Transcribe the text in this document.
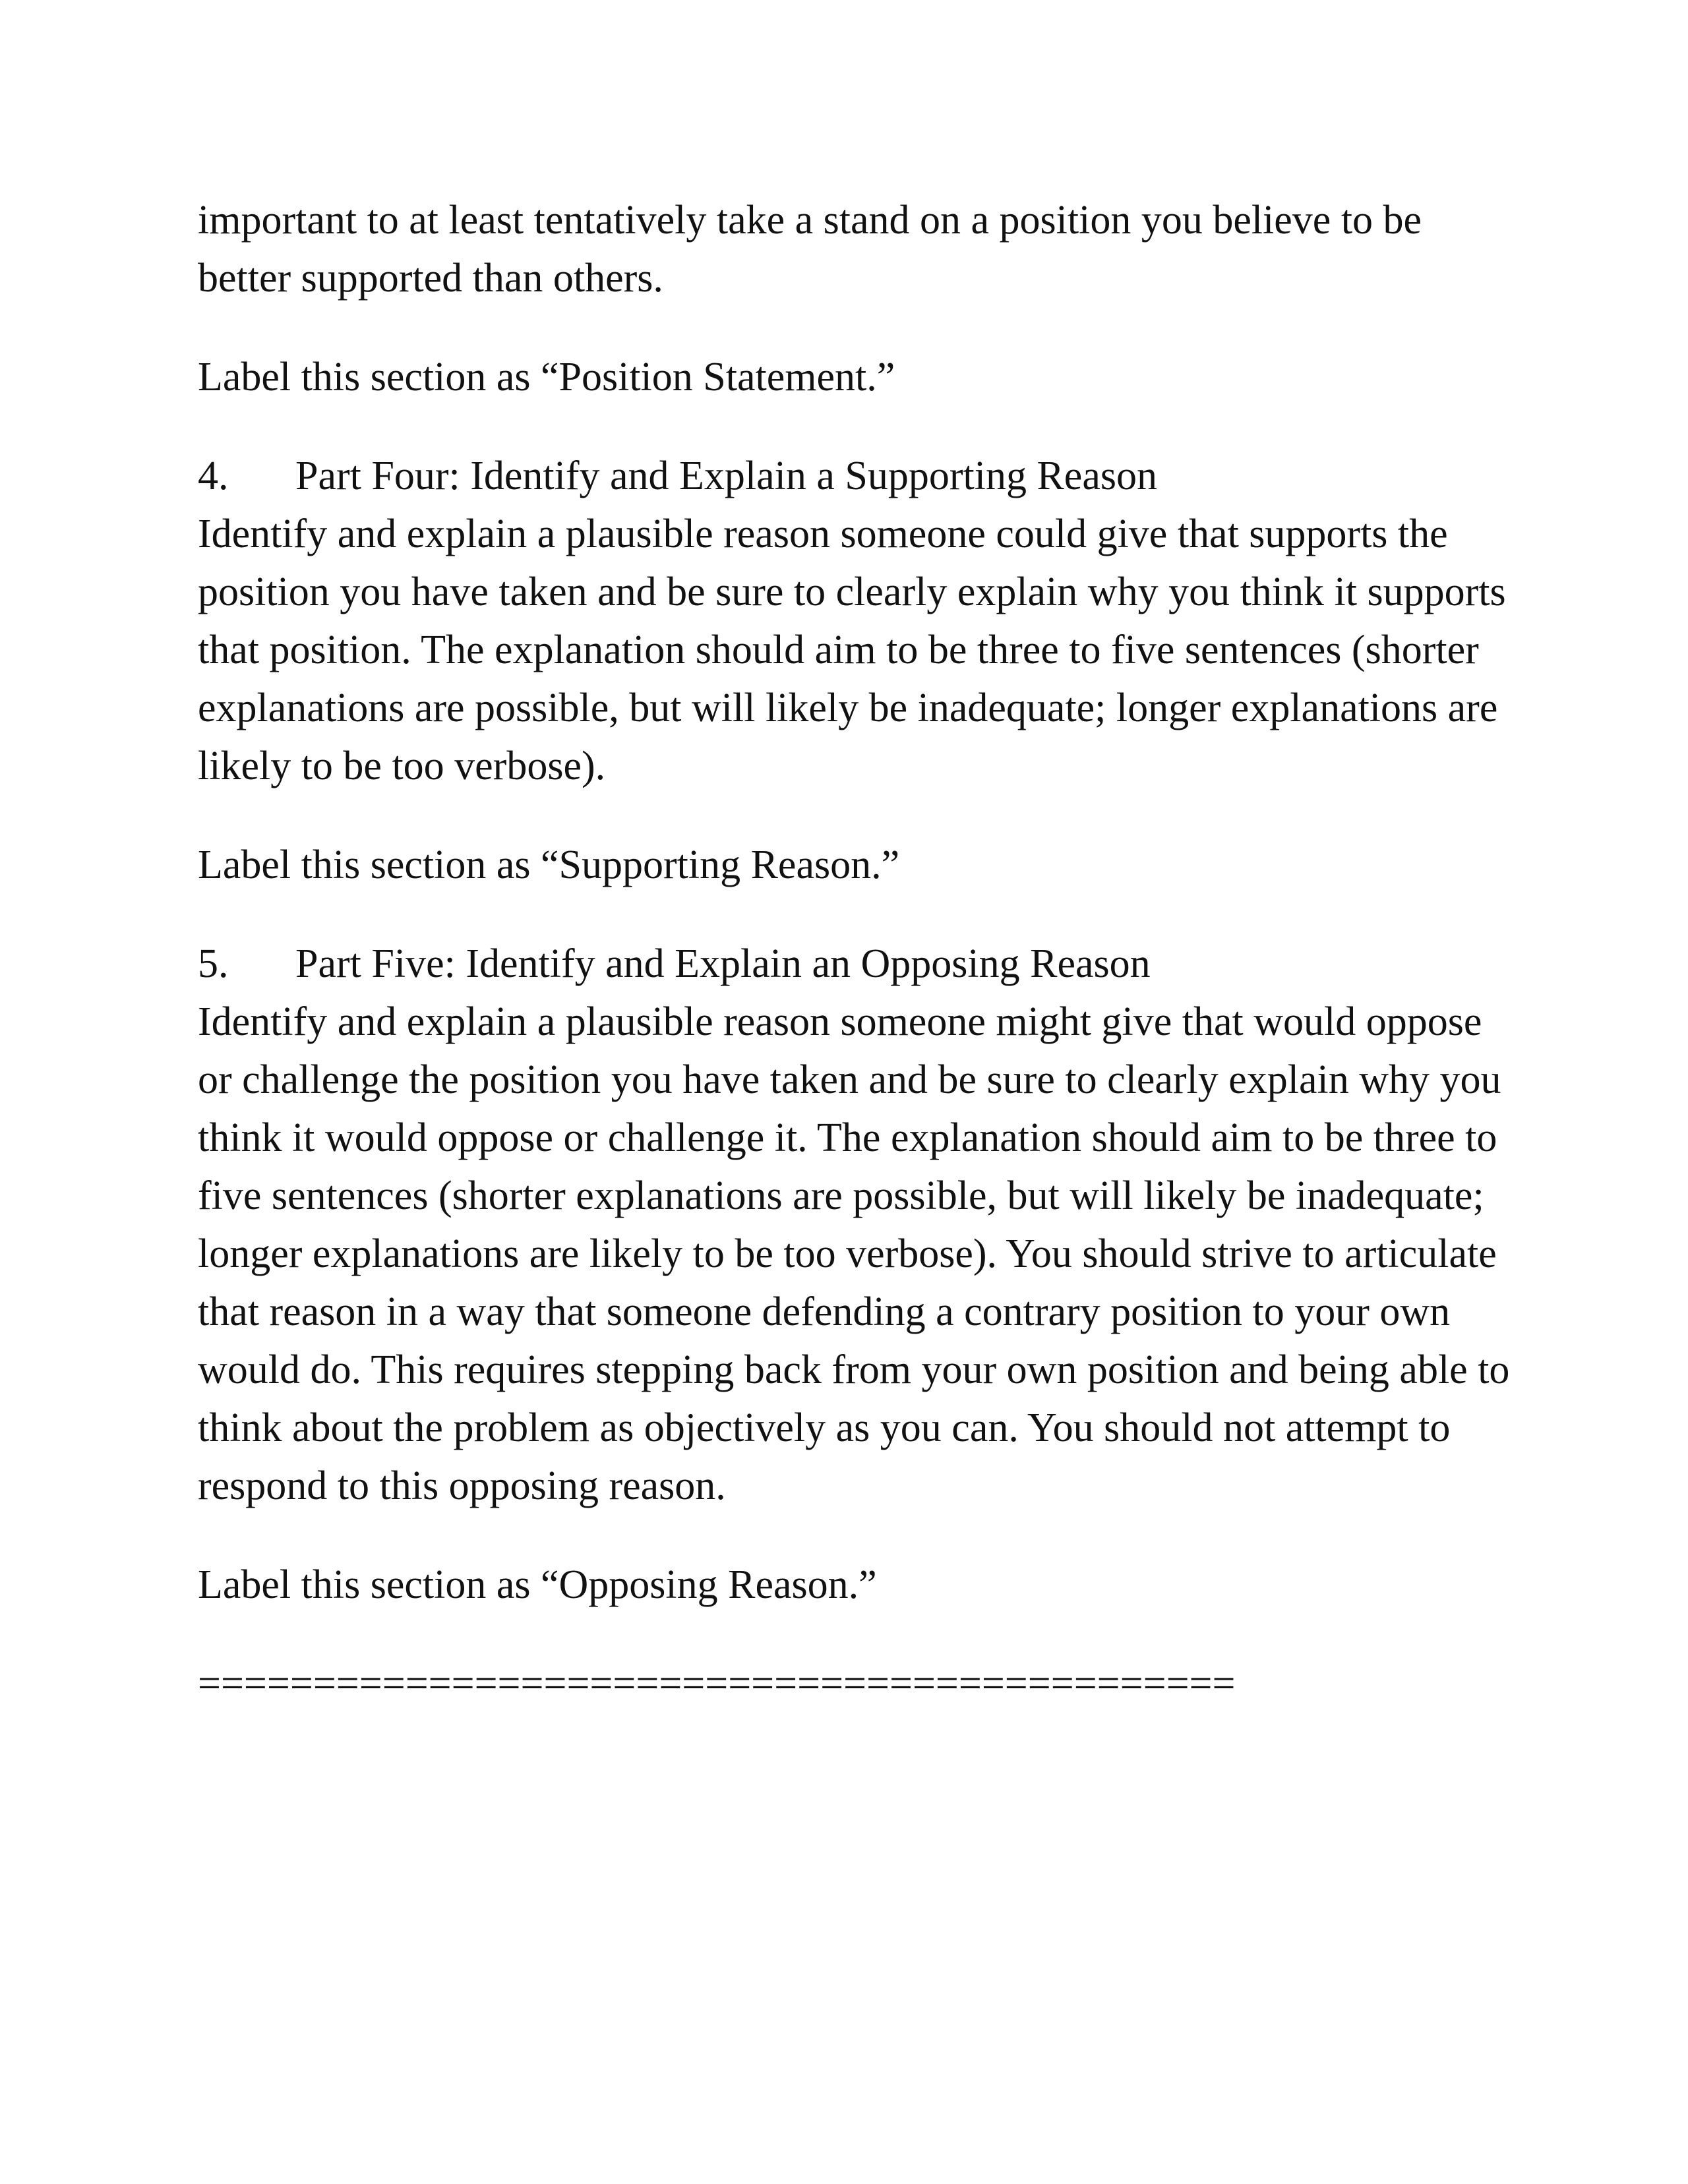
important to at least tentatively take a stand on a position you believe to be better supported than others.

Label this section as “Position Statement.”

4. Part Four: Identify and Explain a Supporting Reason

Identify and explain a plausible reason someone could give that supports the position you have taken and be sure to clearly explain why you think it supports that position. The explanation should aim to be three to five sentences (shorter explanations are possible, but will likely be inadequate; longer explanations are likely to be too verbose).

Label this section as “Supporting Reason.”

5. Part Five: Identify and Explain an Opposing Reason

Identify and explain a plausible reason someone might give that would oppose or challenge the position you have taken and be sure to clearly explain why you think it would oppose or challenge it. The explanation should aim to be three to five sentences (shorter explanations are possible, but will likely be inadequate; longer explanations are likely to be too verbose). You should strive to articulate that reason in a way that someone defending a contrary position to your own would do. This requires stepping back from your own position and being able to think about the problem as objectively as you can. You should not attempt to respond to this opposing reason.

Label this section as “Opposing Reason.”

=============================================
